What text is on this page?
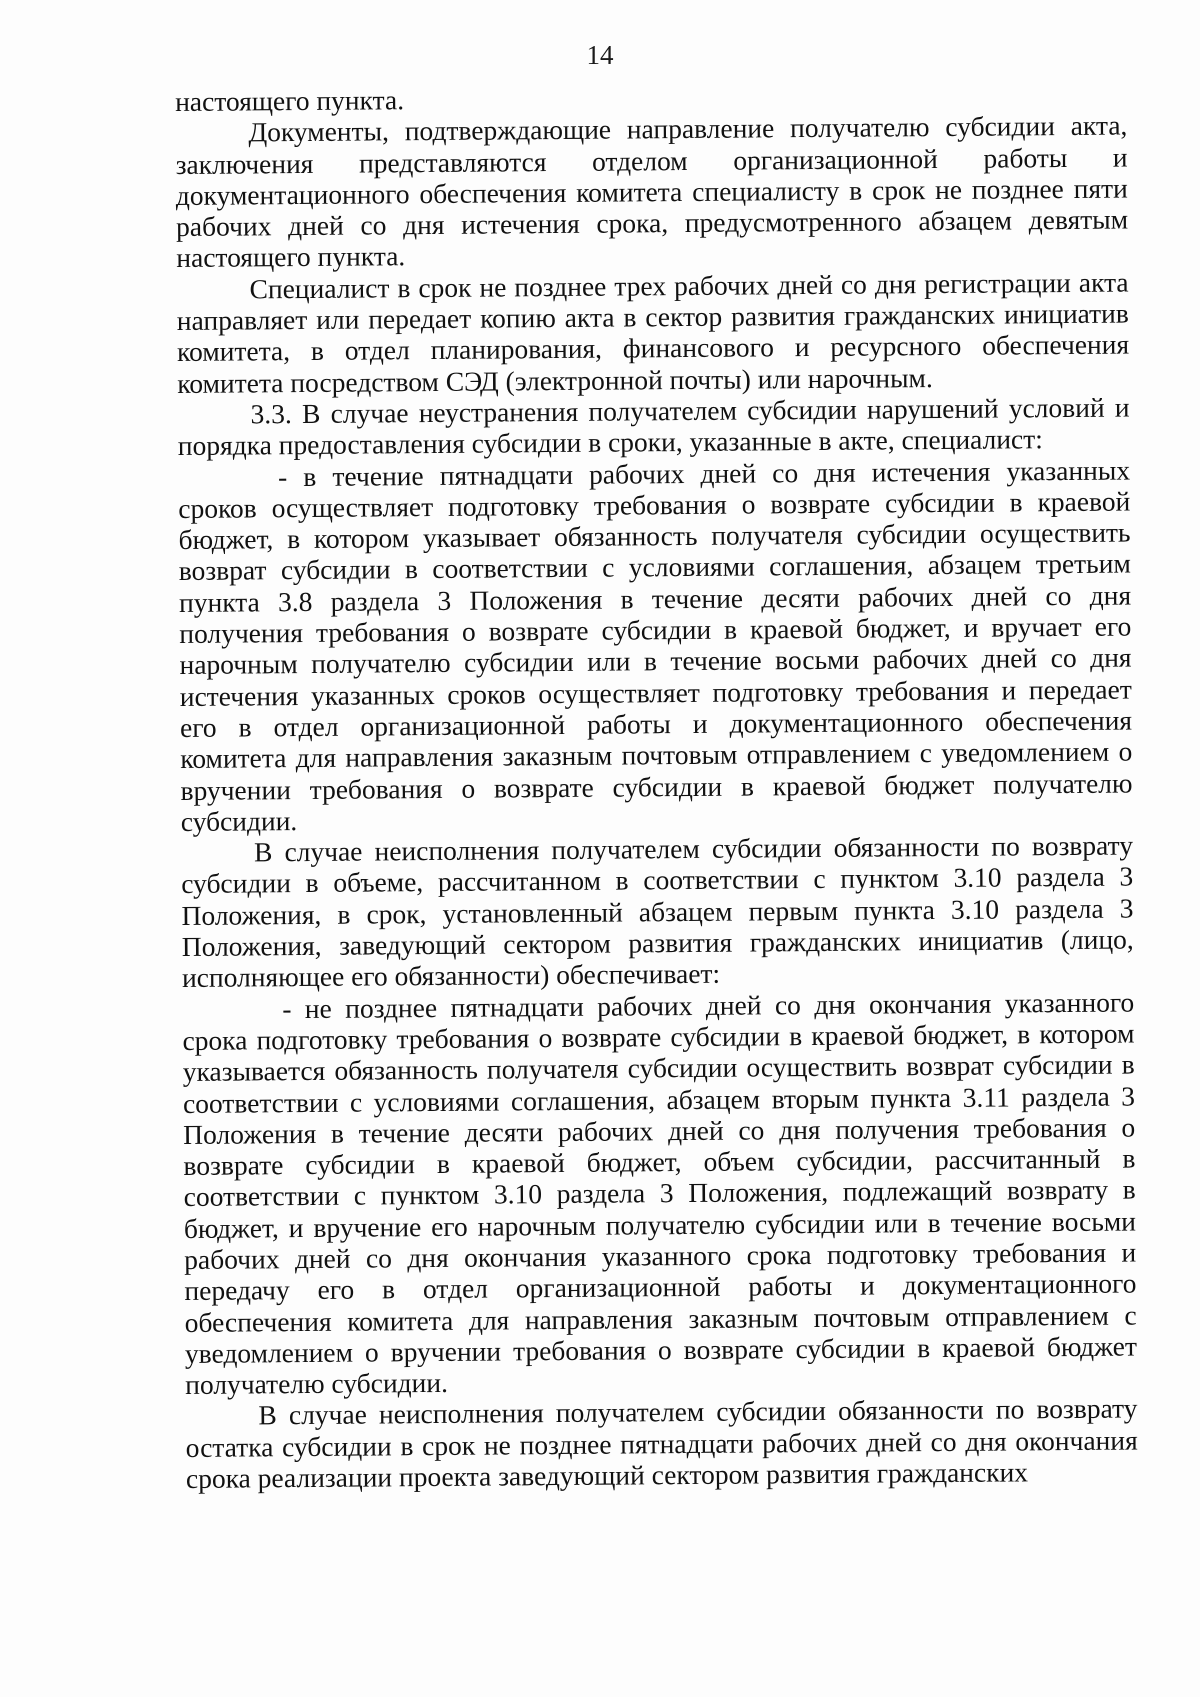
14

настоящего пункта.

Документы, подтверждающие направление получателю субсидии акта, заключения представляются отделом организационной работы и документационного обеспечения комитета специалисту в срок не позднее пяти рабочих дней со дня истечения срока, предусмотренного абзацем девятым настоящего пункта.

Специалист в срок не позднее трех рабочих дней со дня регистрации акта направляет или передает копию акта в сектор развития гражданских инициатив комитета, в отдел планирования, финансового и ресурсного обеспечения комитета посредством СЭД (электронной почты) или нарочным.

3.3. В случае неустранения получателем субсидии нарушений условий и порядка предоставления субсидии в сроки, указанные в акте, специалист:

- в течение пятнадцати рабочих дней со дня истечения указанных сроков осуществляет подготовку требования о возврате субсидии в краевой бюджет, в котором указывает обязанность получателя субсидии осуществить возврат субсидии в соответствии с условиями соглашения, абзацем третьим пункта 3.8 раздела 3 Положения в течение десяти рабочих дней со дня получения требования о возврате субсидии в краевой бюджет, и вручает его нарочным получателю субсидии или в течение восьми рабочих дней со дня истечения указанных сроков осуществляет подготовку требования и передает его в отдел организационной работы и документационного обеспечения комитета для направления заказным почтовым отправлением с уведомлением о вручении требования о возврате субсидии в краевой бюджет получателю субсидии.

В случае неисполнения получателем субсидии обязанности по возврату субсидии в объеме, рассчитанном в соответствии с пунктом 3.10 раздела 3 Положения, в срок, установленный абзацем первым пункта 3.10 раздела 3 Положения, заведующий сектором развития гражданских инициатив (лицо, исполняющее его обязанности) обеспечивает:

- не позднее пятнадцати рабочих дней со дня окончания указанного срока подготовку требования о возврате субсидии в краевой бюджет, в котором указывается обязанность получателя субсидии осуществить возврат субсидии в соответствии с условиями соглашения, абзацем вторым пункта 3.11 раздела 3 Положения в течение десяти рабочих дней со дня получения требования о возврате субсидии в краевой бюджет, объем субсидии, рассчитанный в соответствии с пунктом 3.10 раздела 3 Положения, подлежащий возврату в бюджет, и вручение его нарочным получателю субсидии или в течение восьми рабочих дней со дня окончания указанного срока подготовку требования и передачу его в отдел организационной работы и документационного обеспечения комитета для направления заказным почтовым отправлением с уведомлением о вручении требования о возврате субсидии в краевой бюджет получателю субсидии.

В случае неисполнения получателем субсидии обязанности по возврату остатка субсидии в срок не позднее пятнадцати рабочих дней со дня окончания срока реализации проекта заведующий сектором развития гражданских
